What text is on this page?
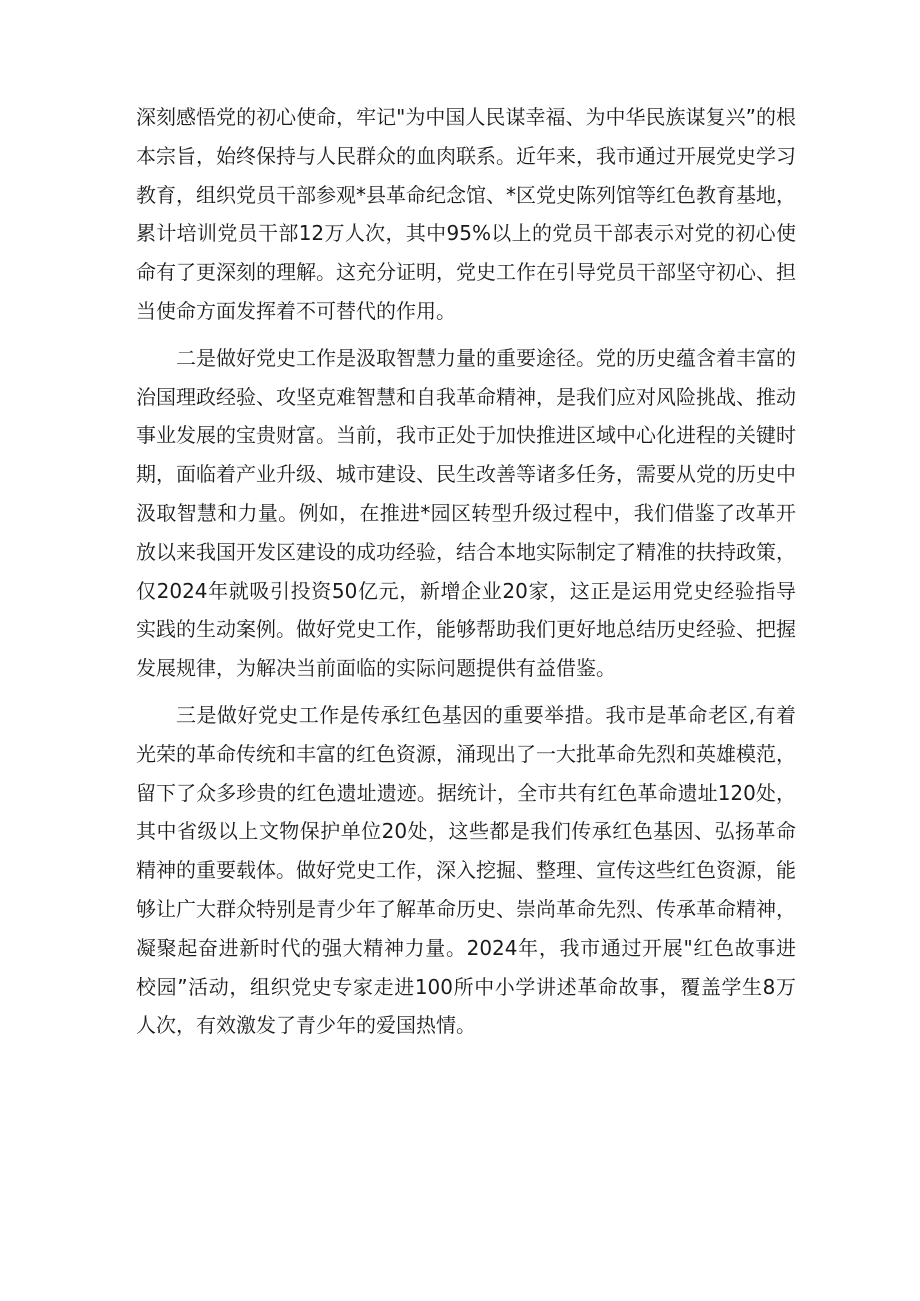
深刻感悟党的初心使命，牢记"为中国人民谋幸福、为中华民族谋复兴”的根本宗旨，始终保持与人民群众的血肉联系。近年来，我市通过开展党史学习教育，组织党员干部参观*县革命纪念馆、*区党史陈列馆等红色教育基地，累计培训党员干部12万人次，其中95%以上的党员干部表示对党的初心使命有了更深刻的理解。这充分证明，党史工作在引导党员干部坚守初心、担当使命方面发挥着不可替代的作用。

二是做好党史工作是汲取智慧力量的重要途径。党的历史蕴含着丰富的治国理政经验、攻坚克难智慧和自我革命精神，是我们应对风险挑战、推动事业发展的宝贵财富。当前，我市正处于加快推进区域中心化进程的关键时期，面临着产业升级、城市建设、民生改善等诸多任务，需要从党的历史中汲取智慧和力量。例如，在推进*园区转型升级过程中，我们借鉴了改革开放以来我国开发区建设的成功经验，结合本地实际制定了精准的扶持政策，仅2024年就吸引投资50亿元，新增企业20家，这正是运用党史经验指导实践的生动案例。做好党史工作，能够帮助我们更好地总结历史经验、把握发展规律，为解决当前面临的实际问题提供有益借鉴。

三是做好党史工作是传承红色基因的重要举措。我市是革命老区,有着光荣的革命传统和丰富的红色资源，涌现出了一大批革命先烈和英雄模范，留下了众多珍贵的红色遗址遗迹。据统计，全市共有红色革命遗址120处，其中省级以上文物保护单位20处，这些都是我们传承红色基因、弘扬革命精神的重要载体。做好党史工作，深入挖掘、整理、宣传这些红色资源，能够让广大群众特别是青少年了解革命历史、崇尚革命先烈、传承革命精神，凝聚起奋进新时代的强大精神力量。2024年，我市通过开展"红色故事进校园”活动，组织党史专家走进100所中小学讲述革命故事，覆盖学生8万人次，有效激发了青少年的爱国热情。
